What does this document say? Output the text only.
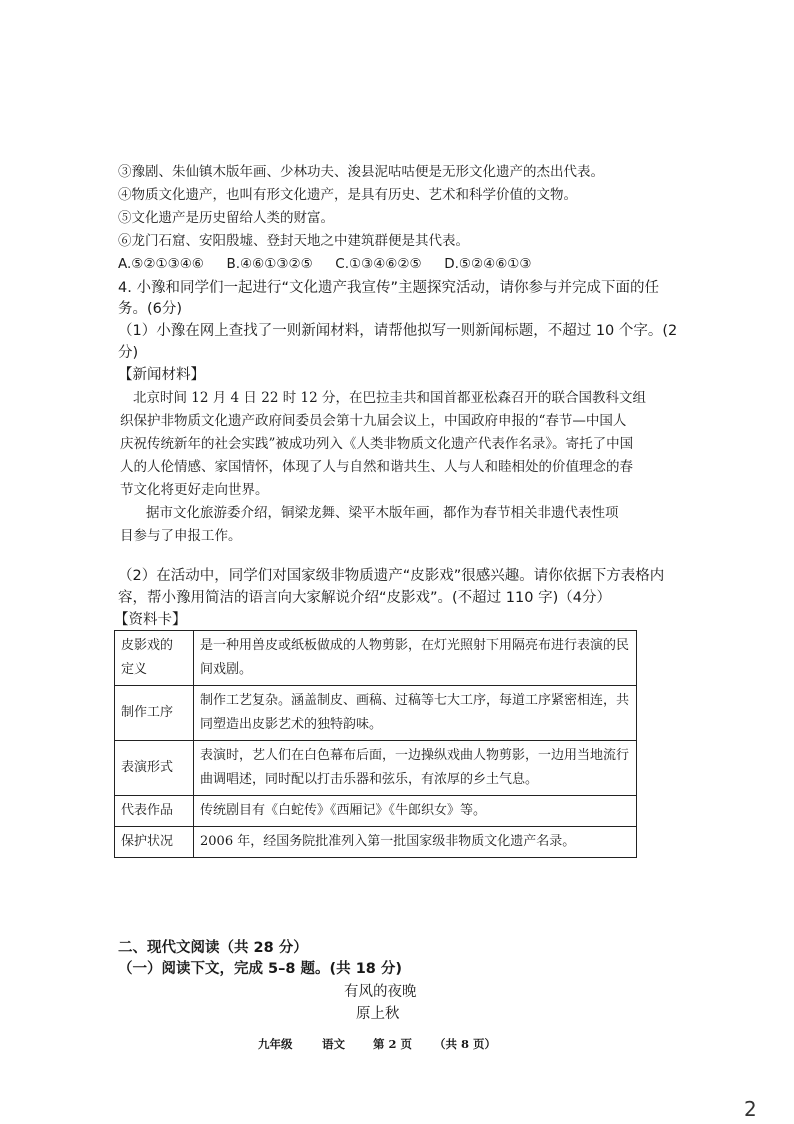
③豫剧、朱仙镇木版年画、少林功夫、浚县泥咕咕便是无形文化遗产的杰出代表。
④物质文化遗产，也叫有形文化遗产，是具有历史、艺术和科学价值的文物。
⑤文化遗产是历史留给人类的财富。
⑥龙门石窟、安阳殷墟、登封天地之中建筑群便是其代表。
A.⑤②①③④⑥ B.④⑥①③②⑤ C.①③④⑥②⑤ D.⑤②④⑥①③
4. 小豫和同学们一起进行“文化遗产我宣传”主题探究活动，请你参与并完成下面的任
务。(6分)
（1）小豫在网上查找了一则新闻材料，请帮他拟写一则新闻标题，不超过 10 个字。(2
分)
【新闻材料】
北京时间 12 月 4 日 22 时 12 分，在巴拉圭共和国首都亚松森召开的联合国教科文组
织保护非物质文化遗产政府间委员会第十九届会议上，中国政府申报的“春节—中国人
庆祝传统新年的社会实践”被成功列入《人类非物质文化遗产代表作名录》。寄托了中国
人的人伦情感、家国情怀，体现了人与自然和谐共生、人与人和睦相处的价值理念的春
节文化将更好走向世界。
据市文化旅游委介绍，铜梁龙舞、梁平木版年画，都作为春节相关非遗代表性项
目参与了申报工作。
（2）在活动中，同学们对国家级非物质遗产“皮影戏”很感兴趣。请你依据下方表格内
容，帮小豫用简洁的语言向大家解说介绍“皮影戏”。(不超过 110 字)（4分）
【资料卡】
皮影戏的
定义	是一种用兽皮或纸板做成的人物剪影，在灯光照射下用隔亮布进行表演的民
间戏剧。
制作工序	制作工艺复杂。涵盖制皮、画稿、过稿等七大工序，每道工序紧密相连，共
同塑造出皮影艺术的独特韵味。
表演形式	表演时，艺人们在白色幕布后面，一边操纵戏曲人物剪影，一边用当地流行
曲调唱述，同时配以打击乐器和弦乐，有浓厚的乡土气息。
代表作品	传统剧目有《白蛇传》《西厢记》《牛郎织女》等。
保护状况	2006 年，经国务院批准列入第一批国家级非物质文化遗产名录。
二、现代文阅读（共 28 分）
（一）阅读下文，完成 5–8 题。(共 18 分)
有风的夜晚
原上秋
九年级	语文 第 2 页 （共 8 页）
2
